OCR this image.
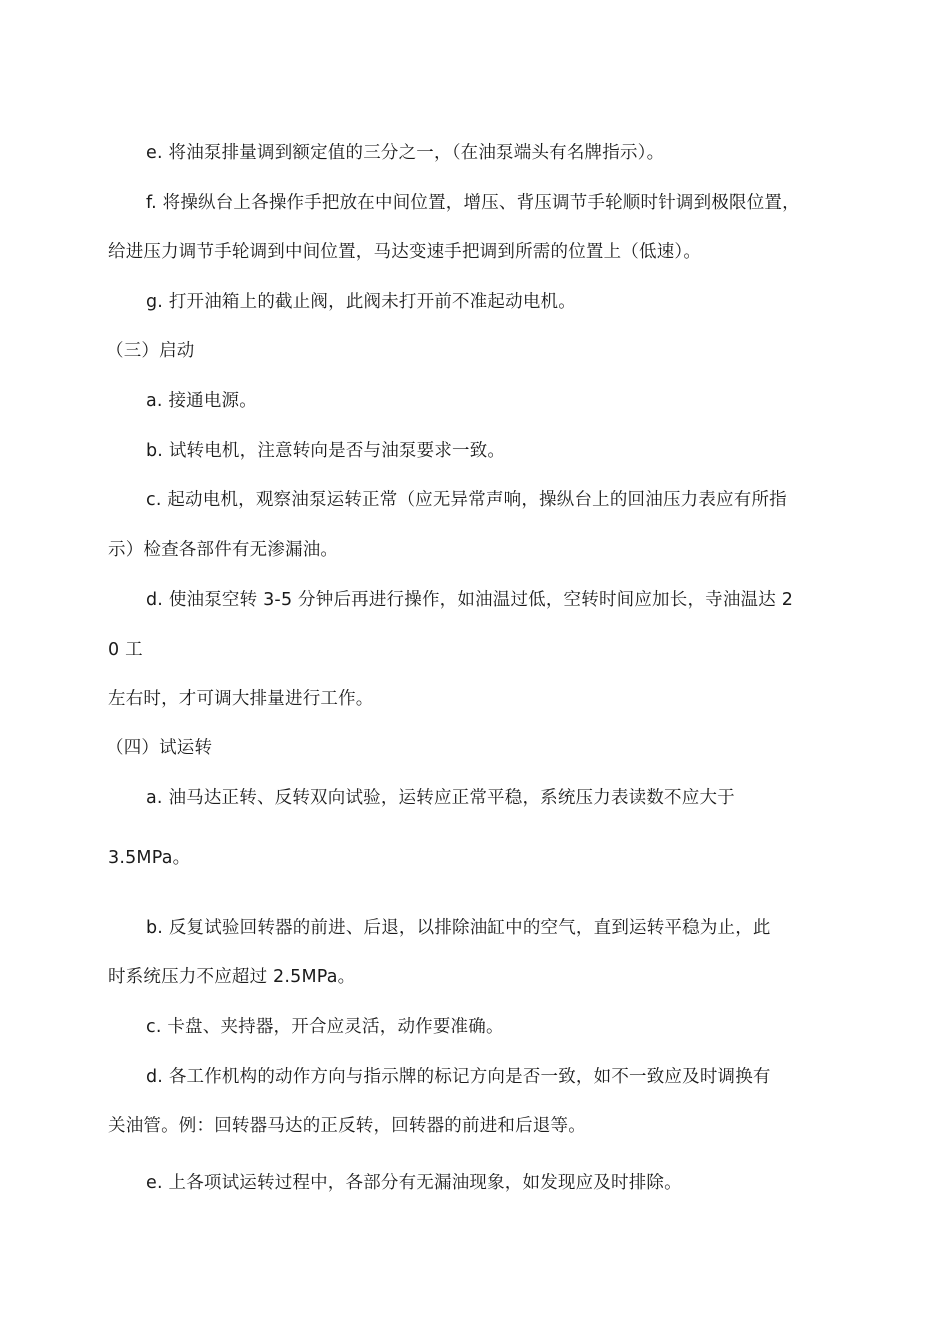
e. 将油泵排量调到额定值的三分之一，（在油泵端头有名牌指示）。
f. 将操纵台上各操作手把放在中间位置，增压、背压调节手轮顺时针调到极限位置，
给进压力调节手轮调到中间位置，马达变速手把调到所需的位置上（低速）。
g. 打开油箱上的截止阀，此阀未打开前不准起动电机。
（三）启动
a. 接通电源。
b. 试转电机，注意转向是否与油泵要求一致。
c. 起动电机，观察油泵运转正常（应无异常声响，操纵台上的回油压力表应有所指
示）检查各部件有无渗漏油。
d. 使油泵空转 3-5 分钟后再进行操作，如油温过低，空转时间应加长，寺油温达 2
0 工
左右时，才可调大排量进行工作。
（四）试运转
a. 油马达正转、反转双向试验，运转应正常平稳，系统压力表读数不应大于
3.5MPa。
b. 反复试验回转器的前进、后退，以排除油缸中的空气，直到运转平稳为止，此
时系统压力不应超过 2.5MPa。
c. 卡盘、夹持器，开合应灵活，动作要准确。
d. 各工作机构的动作方向与指示牌的标记方向是否一致，如不一致应及时调换有
关油管。例：回转器马达的正反转，回转器的前进和后退等。
e. 上各项试运转过程中，各部分有无漏油现象，如发现应及时排除。
